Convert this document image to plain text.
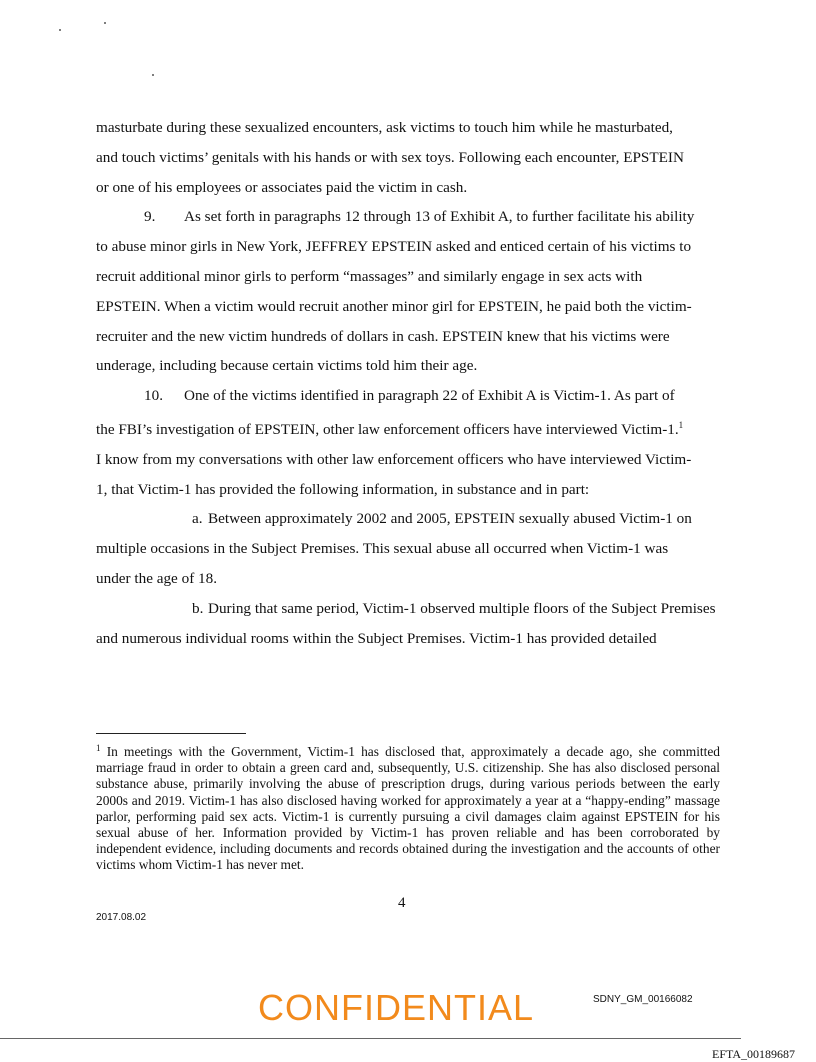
masturbate during these sexualized encounters, ask victims to touch him while he masturbated,
and touch victims’ genitals with his hands or with sex toys. Following each encounter, EPSTEIN
or one of his employees or associates paid the victim in cash.

9. As set forth in paragraphs 12 through 13 of Exhibit A, to further facilitate his ability
to abuse minor girls in New York, JEFFREY EPSTEIN asked and enticed certain of his victims to
recruit additional minor girls to perform “massages” and similarly engage in sex acts with
EPSTEIN. When a victim would recruit another minor girl for EPSTEIN, he paid both the victim-
recruiter and the new victim hundreds of dollars in cash. EPSTEIN knew that his victims were
underage, including because certain victims told him their age.

10. One of the victims identified in paragraph 22 of Exhibit A is Victim-1. As part of
the FBI’s investigation of EPSTEIN, other law enforcement officers have interviewed Victim-1.$^1$
I know from my conversations with other law enforcement officers who have interviewed Victim-
1, that Victim-1 has provided the following information, in substance and in part:

a. Between approximately 2002 and 2005, EPSTEIN sexually abused Victim-1 on
multiple occasions in the Subject Premises. This sexual abuse all occurred when Victim-1 was
under the age of 18.

b. During that same period, Victim-1 observed multiple floors of the Subject Premises
and numerous individual rooms within the Subject Premises. Victim-1 has provided detailed

$^1$ In meetings with the Government, Victim-1 has disclosed that, approximately a decade ago, she committed marriage fraud in order to obtain a green card and, subsequently, U.S. citizenship. She has also disclosed personal substance abuse, primarily involving the abuse of prescription drugs, during various periods between the early 2000s and 2019. Victim-1 has also disclosed having worked for approximately a year at a “happy-ending” massage parlor, performing paid sex acts. Victim-1 is currently pursuing a civil damages claim against EPSTEIN for his sexual abuse of her. Information provided by Victim-1 has proven reliable and has been corroborated by independent evidence, including documents and records obtained during the investigation and the accounts of other victims whom Victim-1 has never met.

4
2017.08.02
CONFIDENTIAL	SDNY_GM_00166082
EFTA_00189687
